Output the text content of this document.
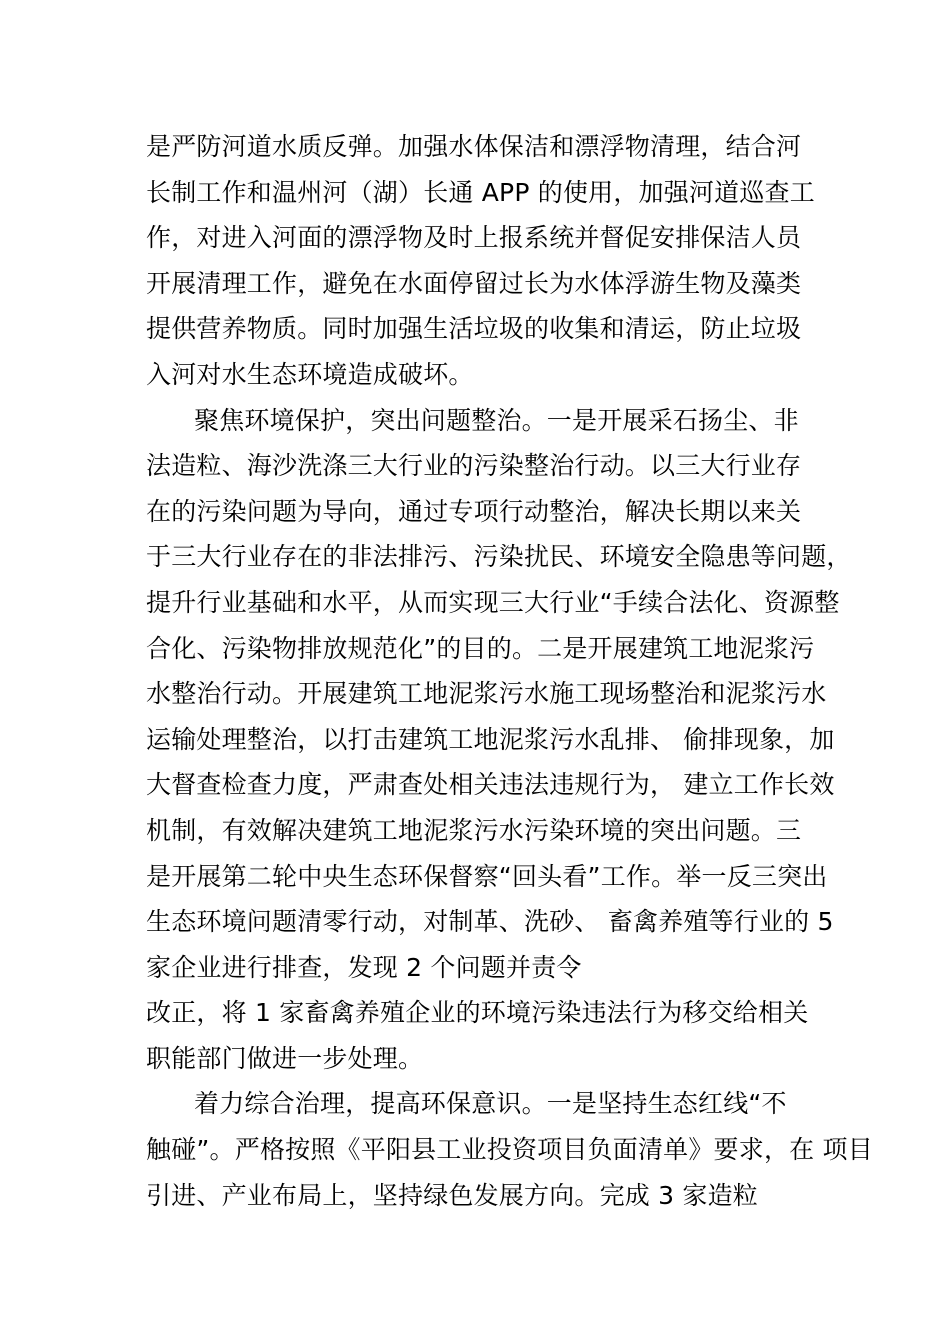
是严防河道水质反弹。加强水体保洁和漂浮物清理，结合河
长制工作和温州河（湖）长通 APP 的使用，加强河道巡查工
作，对进入河面的漂浮物及时上报系统并督促安排保洁人员
开展清理工作，避免在水面停留过长为水体浮游生物及藻类
提供营养物质。同时加强生活垃圾的收集和清运，防止垃圾
入河对水生态环境造成破坏。
聚焦环境保护，突出问题整治。一是开展采石扬尘、非
法造粒、海沙洗涤三大行业的污染整治行动。以三大行业存
在的污染问题为导向，通过专项行动整治，解决长期以来关
于三大行业存在的非法排污、污染扰民、环境安全隐患等问题，
提升行业基础和水平，从而实现三大行业“手续合法化、资源整
合化、污染物排放规范化”的目的。二是开展建筑工地泥浆污
水整治行动。开展建筑工地泥浆污水施工现场整治和泥浆污水
运输处理整治，以打击建筑工地泥浆污水乱排、 偷排现象，加
大督查检查力度，严肃查处相关违法违规行为， 建立工作长效
机制，有效解决建筑工地泥浆污水污染环境的突出问题。三
是开展第二轮中央生态环保督察“回头看”工作。举一反三突出
生态环境问题清零行动，对制革、洗砂、 畜禽养殖等行业的 5
家企业进行排查，发现 2 个问题并责令
改正，将 1 家畜禽养殖企业的环境污染违法行为移交给相关
职能部门做进一步处理。
着力综合治理，提高环保意识。一是坚持生态红线“不
触碰”。严格按照《平阳县工业投资项目负面清单》要求，在 项目
引进、产业布局上，坚持绿色发展方向。完成 3 家造粒
